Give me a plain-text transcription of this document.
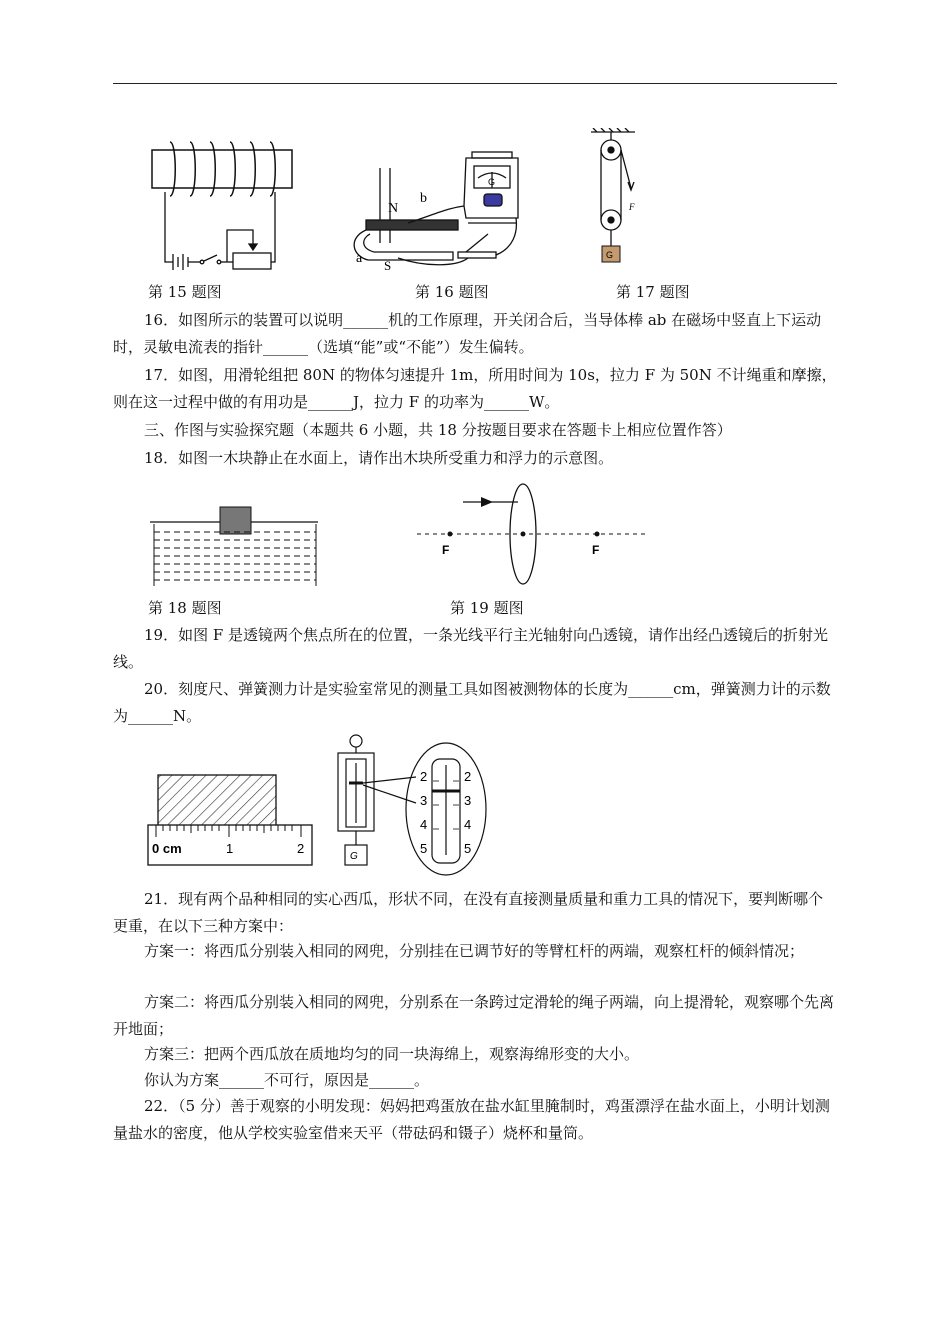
N
b
a S
G
F
G
第 15 题图	第 16 题图	第 17 题图
16．如图所示的装置可以说明______机的工作原理，开关闭合后，当导体棒 ab 在磁场中竖直上下运动时，灵敏电流表的指针______（选填“能”或“不能”）发生偏转。
17．如图，用滑轮组把 80N 的物体匀速提升 1m，所用时间为 10s，拉力 F 为 50N 不计绳重和摩擦，则在这一过程中做的有用功是______J，拉力 F 的功率为______W。
三、作图与实验探究题（本题共 6 小题，共 18 分按题目要求在答题卡上相应位置作答）
18．如图一木块静止在水面上，请作出木块所受重力和浮力的示意图。
F	F
第 18 题图	第 19 题图
19．如图 F 是透镜两个焦点所在的位置，一条光线平行主光轴射向凸透镜，请作出经凸透镜后的折射光线。
20．刻度尺、弹簧测力计是实验室常见的测量工具如图被测物体的长度为______cm，弹簧测力计的示数为______N。
0 cm	1	2
G
2
3
4
5
2
3
4
5
21．现有两个品种相同的实心西瓜，形状不同，在没有直接测量质量和重力工具的情况下，要判断哪个更重，在以下三种方案中：
方案一：将西瓜分别装入相同的网兜，分别挂在已调节好的等臂杠杆的两端，观察杠杆的倾斜情况；
方案二：将西瓜分别装入相同的网兜，分别系在一条跨过定滑轮的绳子两端，向上提滑轮，观察哪个先离开地面；
方案三：把两个西瓜放在质地均匀的同一块海绵上，观察海绵形变的大小。
你认为方案______不可行，原因是______。
22．（5 分）善于观察的小明发现：妈妈把鸡蛋放在盐水缸里腌制时，鸡蛋漂浮在盐水面上，小明计划测量盐水的密度，他从学校实验室借来天平（带砝码和镊子）烧杯和量筒。
